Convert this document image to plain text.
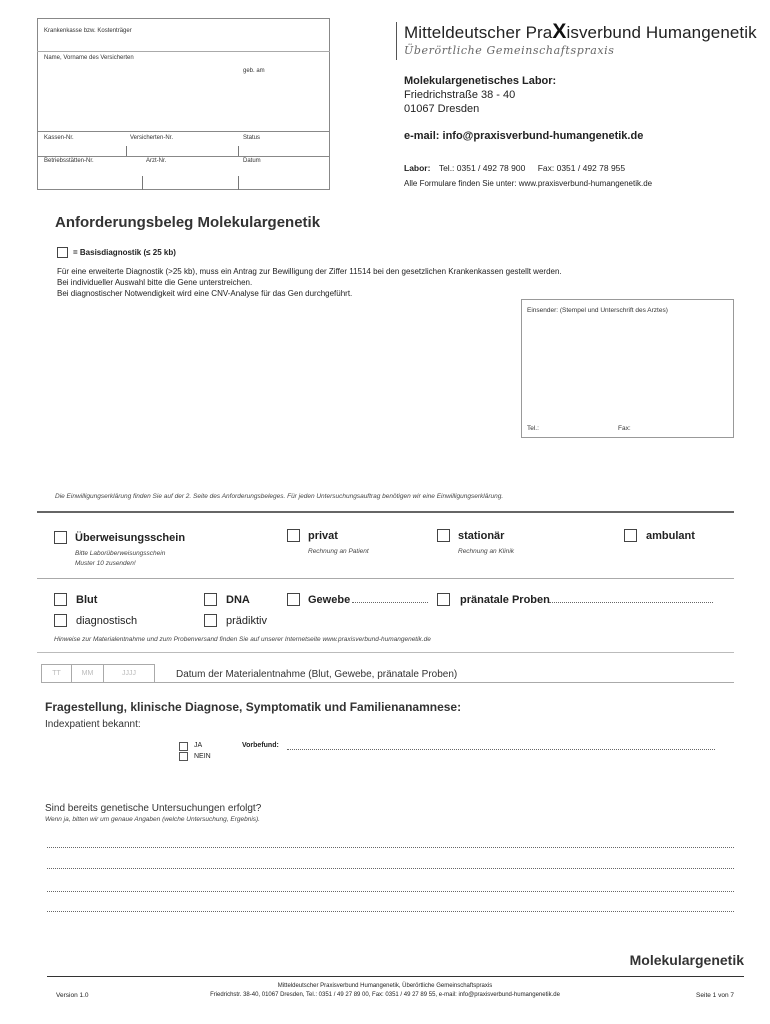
Krankenkasse bzw. Kostenträger
Name, Vorname des Versicherten
geb. am
Kassen-Nr.	Versicherten-Nr.	Status
Betriebsstätten-Nr.	Arzt-Nr.	Datum
Mitteldeutscher PraXisverbund Humangenetik
Überörtliche Gemeinschaftspraxis
Molekulargenetisches Labor:
Friedrichstraße 38 - 40
01067 Dresden
e-mail: info@praxisverbund-humangenetik.de
Labor: Tel.: 0351 / 492 78 900 Fax: 0351 / 492 78 955
Alle Formulare finden Sie unter: www.praxisverbund-humangenetik.de
Anforderungsbeleg Molekulargenetik
= Basisdiagnostik (≤ 25 kb)
Für eine erweiterte Diagnostik (>25 kb), muss ein Antrag zur Bewilligung der Ziffer 11514 bei den gesetzlichen Krankenkassen gestellt werden.
Bei individueller Auswahl bitte die Gene unterstreichen.
Bei diagnostischer Notwendigkeit wird eine CNV-Analyse für das Gen durchgeführt.
Einsender: (Stempel und Unterschrift des Arztes)
Tel.:	Fax:
Die Einwilligungserklärung finden Sie auf der 2. Seite des Anforderungsbeleges. Für jeden Untersuchungsauftrag benötigen wir eine Einwilligungserklärung.
Überweisungsschein
Bitte Laborüberweisungsschein
Muster 10 zusenden!
privat
Rechnung an Patient
stationär
Rechnung an Klinik
ambulant
Blut	DNA	Gewebe	pränatale Proben
diagnostisch	prädiktiv
Hinweise zur Materialentnahme und zum Probenversand finden Sie auf unserer Internetseite www.praxisverbund-humangenetik.de
TT	MM	JJJJ	Datum der Materialentnahme (Blut, Gewebe, pränatale Proben)
Fragestellung, klinische Diagnose, Symptomatik und Familienanamnese:
Indexpatient bekannt:
JA
NEIN
Vorbefund:
Sind bereits genetische Untersuchungen erfolgt?
Wenn ja, bitten wir um genaue Angaben (welche Untersuchung, Ergebnis).
Molekulargenetik
Mitteldeutscher Praxisverbund Humangenetik, Überörtliche Gemeinschaftspraxis
Version 1.0	Friedrichstr. 38-40, 01067 Dresden, Tel.: 0351 / 49 27 89 00, Fax: 0351 / 49 27 89 55, e-mail: info@praxisverbund-humangenetik.de	Seite 1 von 7
